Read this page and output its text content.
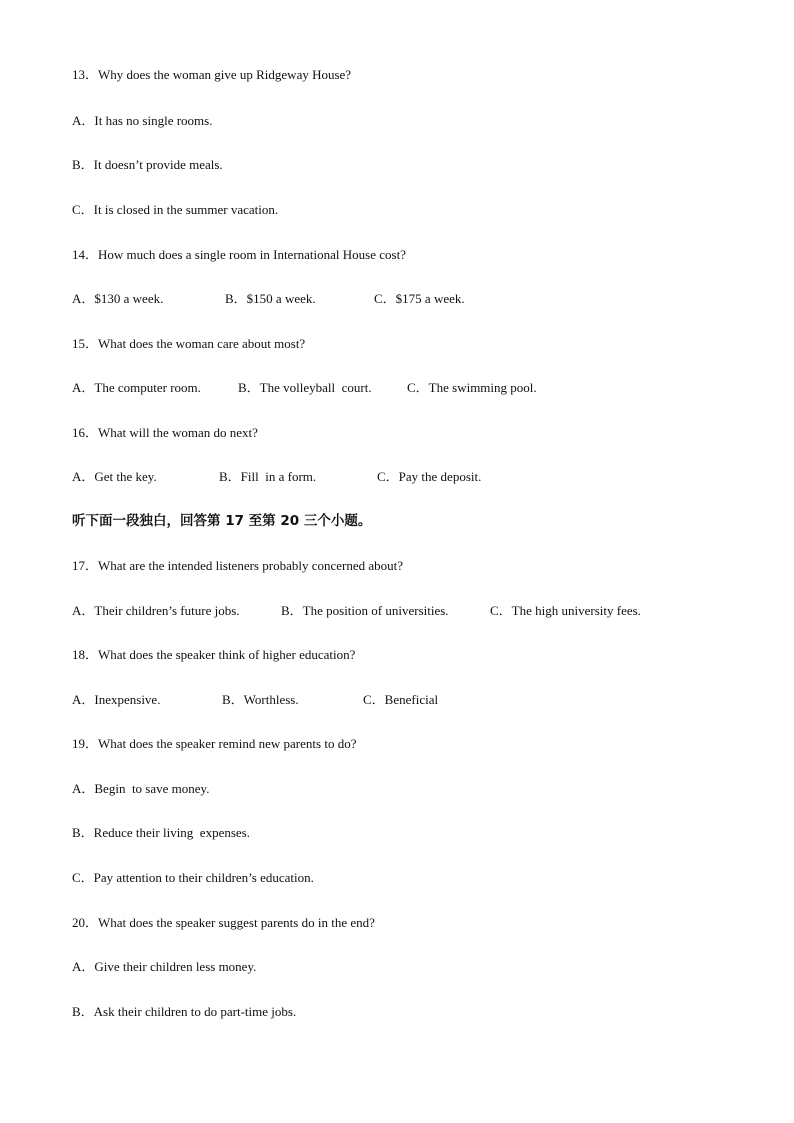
13．Why does the woman give up Ridgeway House?
A．It has no single rooms.
B．It doesn’t provide meals.
C．It is closed in the summer vacation.
14．How much does a single room in International House cost?
A．$130 a week.	B．$150 a week.	C．$175 a week.
15．What does the woman care about most?
A．The computer room.	B．The volleyball  court.	C．The swimming pool.
16．What will the woman do next?
A．Get the key.	B．Fill  in a form.	C．Pay the deposit.
听下面一段独白，回答第 17 至第 20 三个小题。
17．What are the intended listeners probably concerned about?
A．Their children’s future jobs.	B．The position of universities.	C．The high university fees.
18．What does the speaker think of higher education?
A．Inexpensive.	B．Worthless.	C．Beneficial
19．What does the speaker remind new parents to do?
A．Begin  to save money.
B．Reduce their living  expenses.
C．Pay attention to their children’s education.
20．What does the speaker suggest parents do in the end?
A．Give their children less money.
B．Ask their children to do part-time jobs.
